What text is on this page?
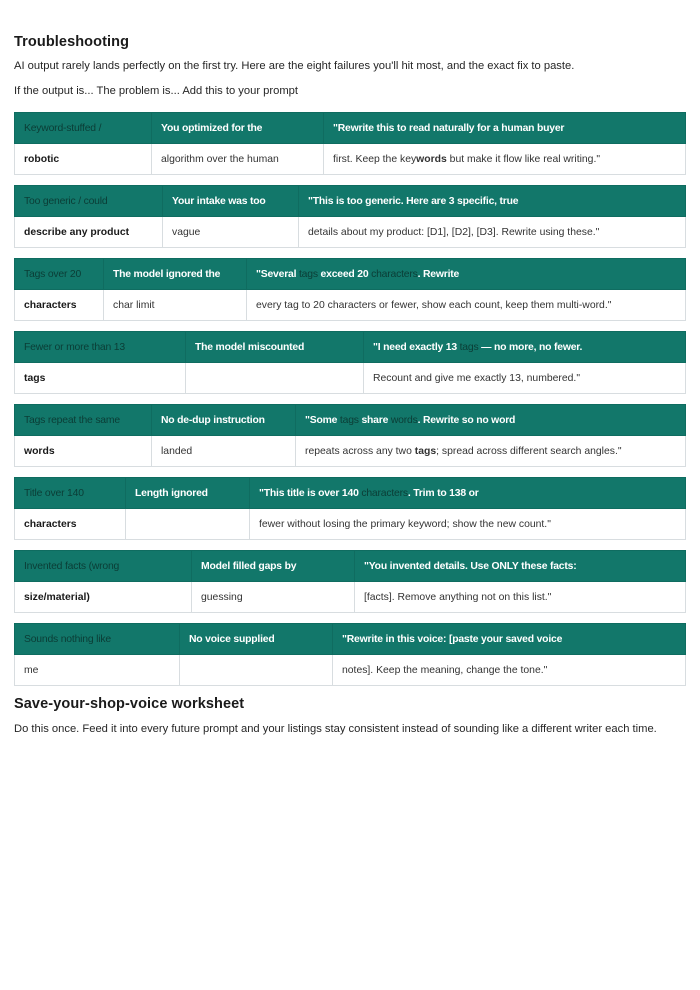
Troubleshooting

AI output rarely lands perfectly on the first try. Here are the eight failures you'll hit most, and the exact fix to paste.

If the output is... The problem is... Add this to your prompt

Keyword-stuffed /	You optimized for the	"Rewrite this to read naturally for a human buyer
robotic	algorithm over the human	first. Keep the keywords but make it flow like real writing."
Too generic / could	Your intake was too	"This is too generic. Here are 3 specific, true
describe any product	vague	details about my product: [D1], [D2], [D3]. Rewrite using these."
Tags over 20	The model ignored the	"Several tags exceed 20 characters. Rewrite
characters	char limit	every tag to 20 characters or fewer, show each count, keep them multi-word."
Fewer or more than 13	The model miscounted	"I need exactly 13 tags — no more, no fewer.
tags		Recount and give me exactly 13, numbered."
Tags repeat the same	No de-dup instruction	"Some tags share words. Rewrite so no word
words	landed	repeats across any two tags; spread across different search angles."
Title over 140	Length ignored	"This title is over 140 characters. Trim to 138 or
characters		fewer without losing the primary keyword; show the new count."
Invented facts (wrong	Model filled gaps by	"You invented details. Use ONLY these facts:
size/material)	guessing	[facts]. Remove anything not on this list."
Sounds nothing like	No voice supplied	"Rewrite in this voice: [paste your saved voice
me		notes]. Keep the meaning, change the tone."
Save-your-shop-voice worksheet

Do this once. Feed it into every future prompt and your listings stay consistent instead of sounding like a different writer each time.
